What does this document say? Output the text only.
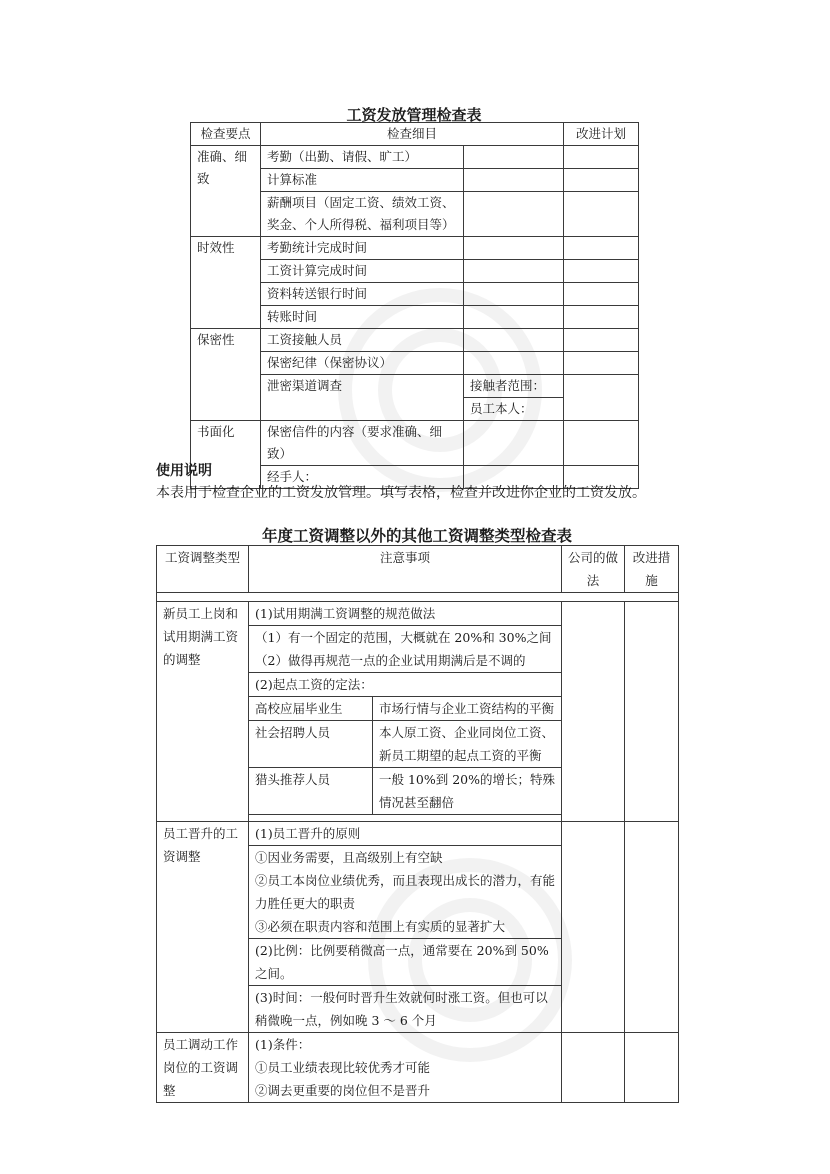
工资发放管理检查表
检查要点	检查细目		改进计划
准确、细致	考勤（出勤、请假、旷工）		
	计算标准		
	薪酬项目（固定工资、绩效工资、奖金、个人所得税、福利项目等）		
时效性	考勤统计完成时间		
	工资计算完成时间		
	资料转送银行时间		
	转账时间		
保密性	工资接触人员		
	保密纪律（保密协议）		
	泄密渠道调查	接触者范围：	
		员工本人：	
书面化	保密信件的内容（要求准确、细致）		
	经手人：		
使用说明
本表用于检查企业的工资发放管理。填写表格，检查并改进你企业的工资发放。
年度工资调整以外的其他工资调整类型检查表
工资调整类型	注意事项		公司的做法	改进措施

新员工上岗和试用期满工资的调整	(1)试用期满工资调整的规范做法			

	（1）有一个固定的范围，大概就在 20%和 30%之间
（2）做得再规范一点的企业试用期满后是不调的			

	(2)起点工资的定法：			
	高校应届毕业生	市场行情与企业工资结构的平衡		
	社会招聘人员	本人原工资、企业同岗位工资、新员工期望的起点工资的平衡		
	猎头推荐人员	一般 10%到 20%的增长；特殊情况甚至翻倍		

员工晋升的工资调整	(1)员工晋升的原则			

	①因业务需要，且高级别上有空缺
②员工本岗位业绩优秀，而且表现出成长的潜力，有能力胜任更大的职责
③必须在职责内容和范围上有实质的显著扩大			

	(2)比例：比例要稍微高一点，通常要在 20%到 50%之间。			
	(3)时间：一般何时晋升生效就何时涨工资。但也可以稍微晚一点，例如晚 3 ～ 6 个月			
员工调动工作岗位的工资调整	(1)条件：
①员工业绩表现比较优秀才可能
②调去更重要的岗位但不是晋升			
